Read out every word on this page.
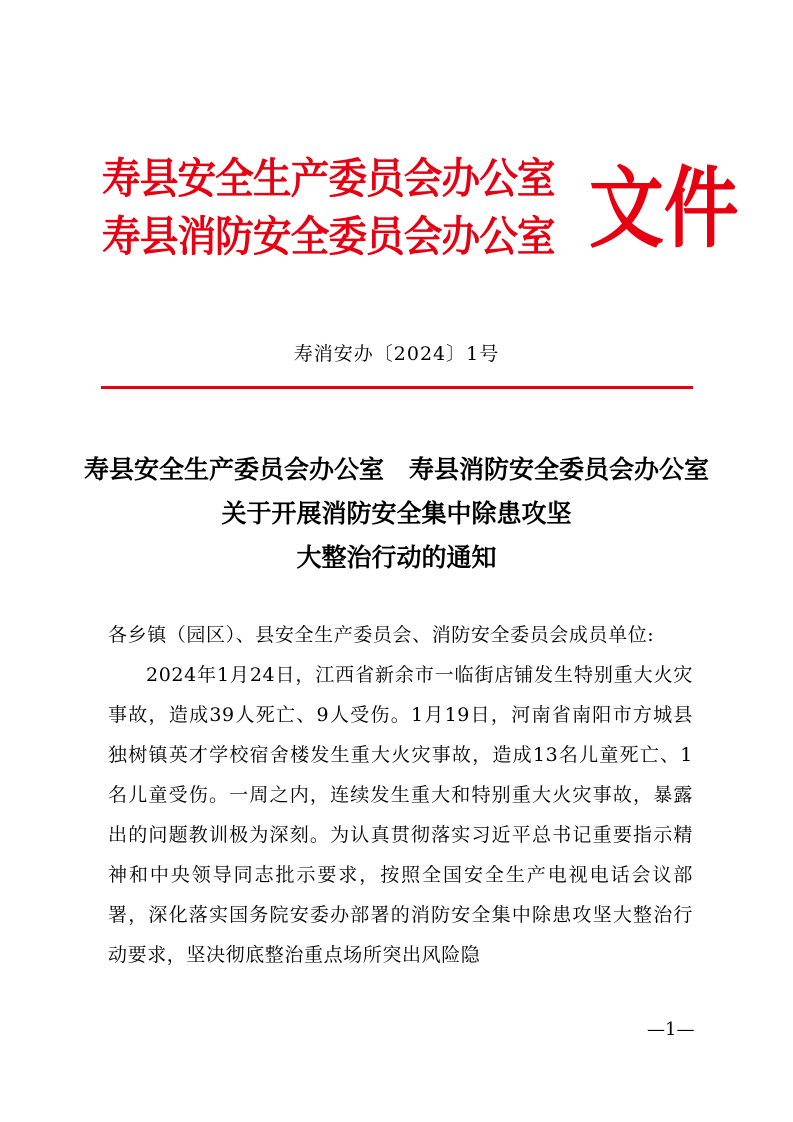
寿县安全生产委员会办公室
寿县消防安全委员会办公室 文件
寿消安办〔2024〕1号
寿县安全生产委员会办公室　寿县消防安全委员会办公室
关于开展消防安全集中除患攻坚
大整治行动的通知

各乡镇（园区）、县安全生产委员会、消防安全委员会成员单位:

2024年1月24日，江西省新余市一临街店铺发生特别重大火灾事故，造成39人死亡、9人受伤。1月19日，河南省南阳市方城县独树镇英才学校宿舍楼发生重大火灾事故，造成13名儿童死亡、1名儿童受伤。一周之内，连续发生重大和特别重大火灾事故，暴露出的问题教训极为深刻。为认真贯彻落实习近平总书记重要指示精神和中央领导同志批示要求，按照全国安全生产电视电话会议部署，深化落实国务院安委办部署的消防安全集中除患攻坚大整治行动要求，坚决彻底整治重点场所突出风险隐

—1—
